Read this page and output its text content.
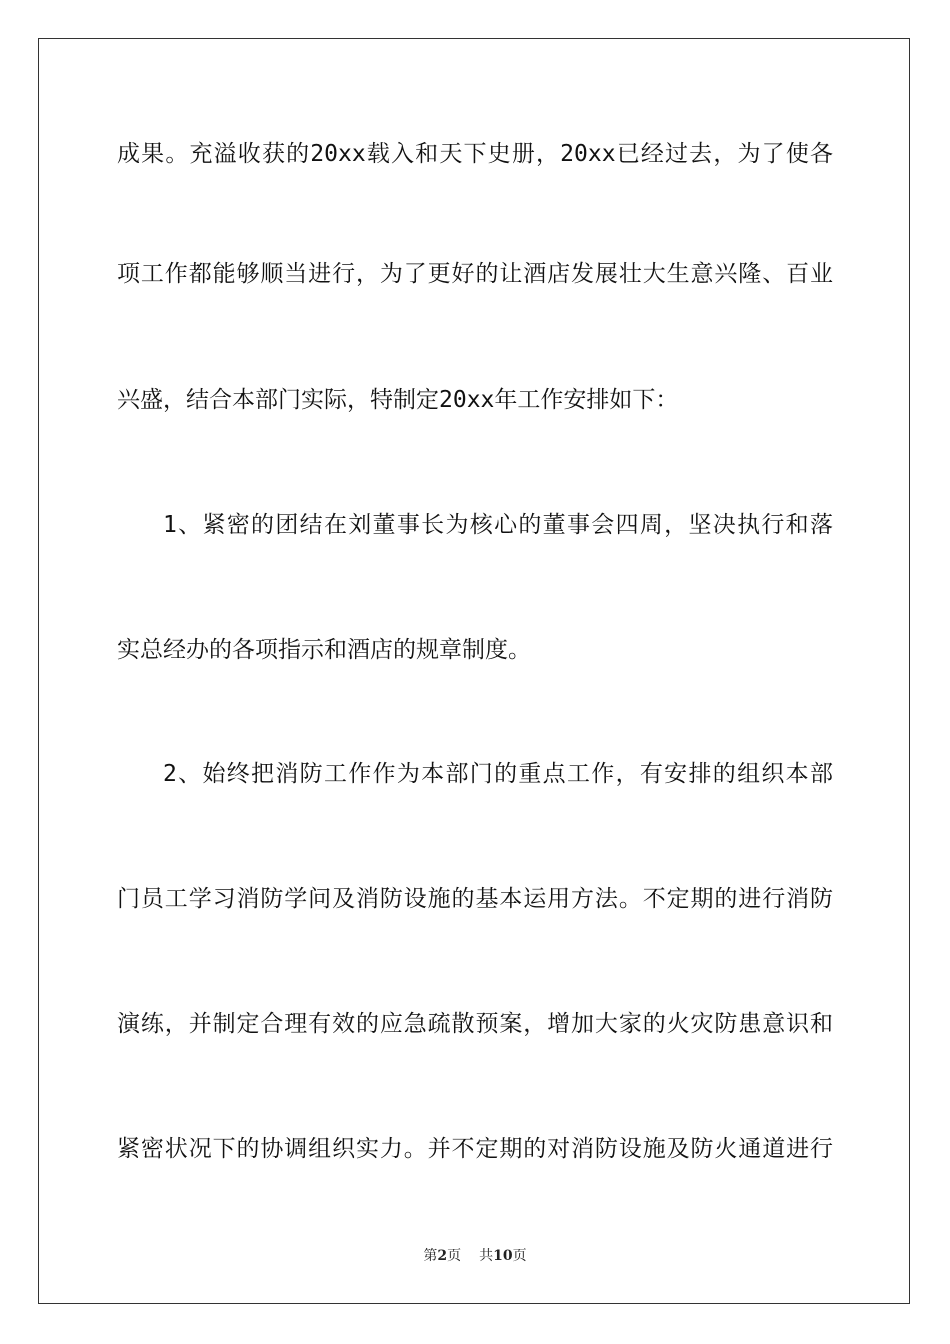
成果。充溢收获的20xx载入和天下史册，20xx已经过去，为了使各
项工作都能够顺当进行，为了更好的让酒店发展壮大生意兴隆、百业
兴盛，结合本部门实际，特制定20xx年工作安排如下：
1、紧密的团结在刘董事长为核心的董事会四周，坚决执行和落
实总经办的各项指示和酒店的规章制度。
2、始终把消防工作作为本部门的重点工作，有安排的组织本部
门员工学习消防学问及消防设施的基本运用方法。不定期的进行消防
演练，并制定合理有效的应急疏散预案，增加大家的火灾防患意识和
紧密状况下的协调组织实力。并不定期的对消防设施及防火通道进行
第2页 共10页
